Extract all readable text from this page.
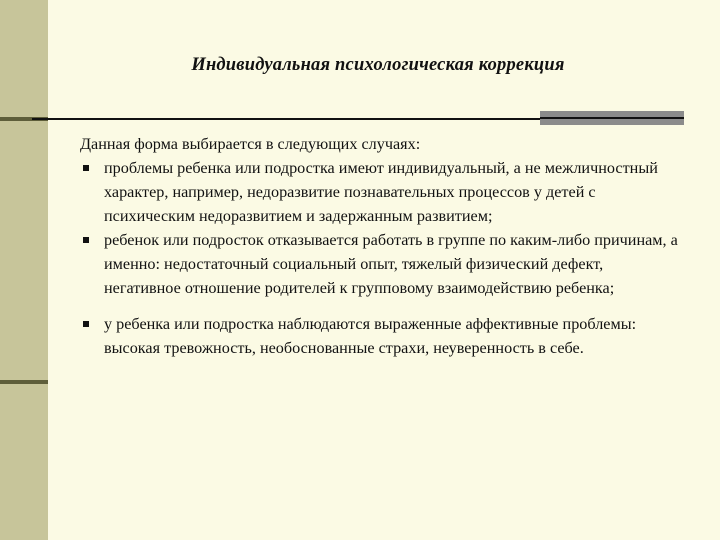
Индивидуальная психологическая коррекция

Данная форма выбирается в следующих случаях:

проблемы ребенка или подростка имеют индивидуальный, а не межличностный характер, например, недоразвитие познавательных процессов у детей с психическим недоразвитием и задержанным развитием;
ребенок или подросток отказывается работать в группе по каким-либо причинам, а именно: недостаточный социальный опыт, тяжелый физический дефект, негативное отношение родителей к групповому взаимодействию ребенка;
у ребенка или подростка наблюдаются выраженные аффективные проблемы: высокая тревожность, необоснованные страхи, неуверенность в себе.
